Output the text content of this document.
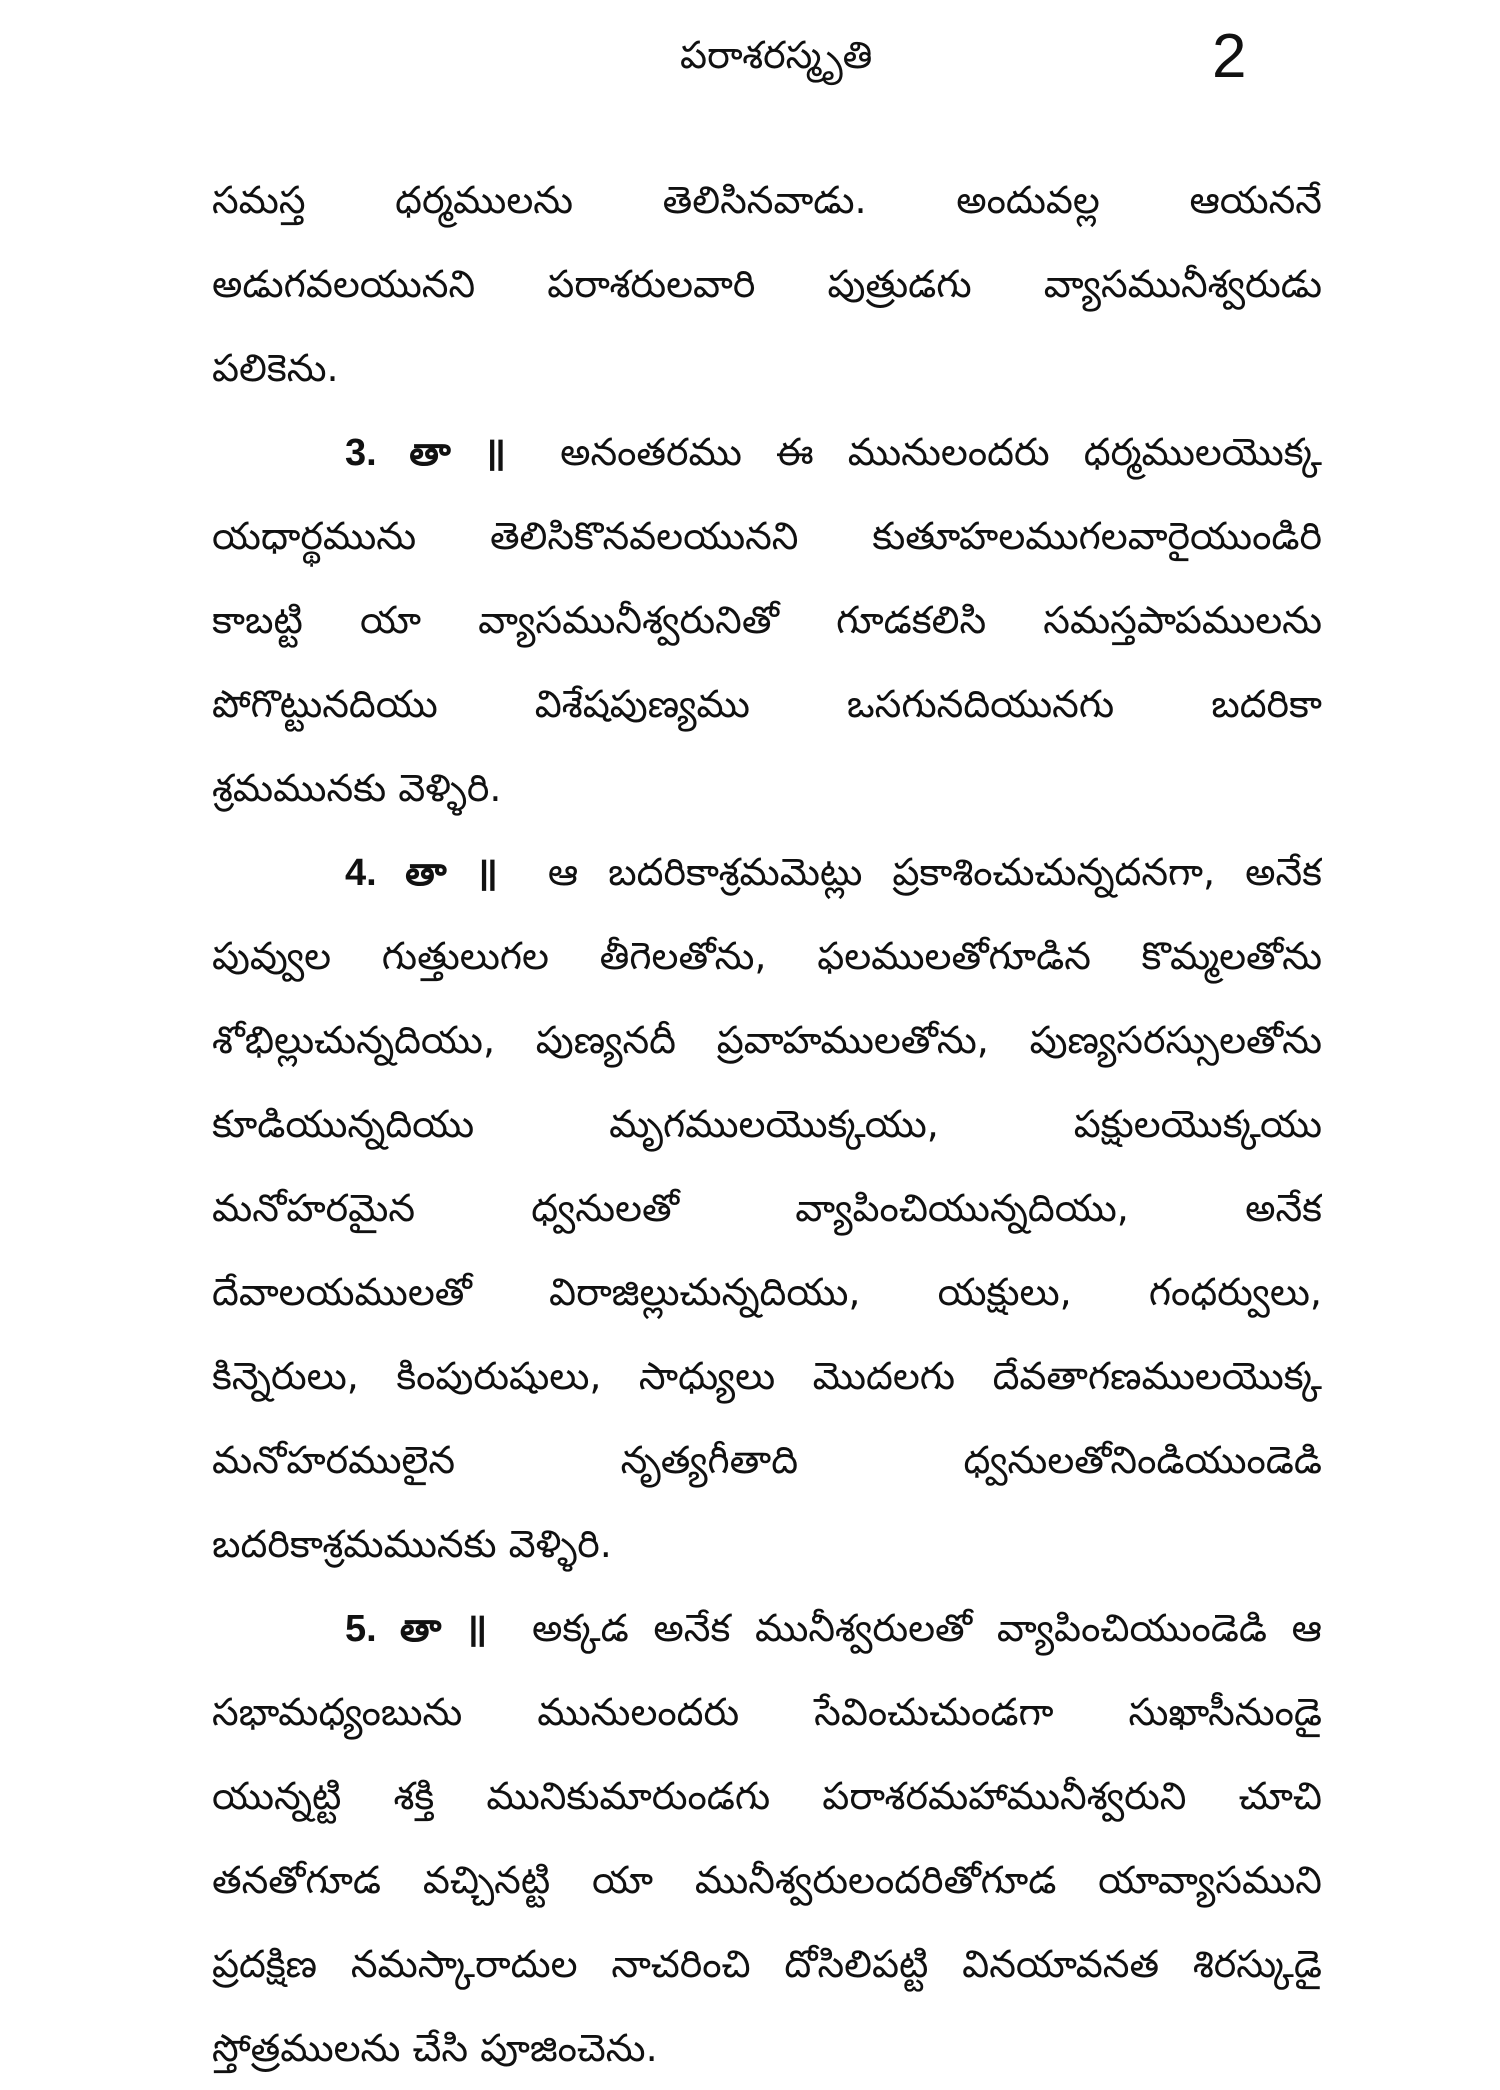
పరాశరస్మృతి	2
సమస్త ధర్మములను తెలిసినవాడు. అందువల్ల ఆయననే
అడుగవలయునని పరాశరులవారి పుత్రుడగు వ్యాసమునీశ్వరుడు
పలికెను.
3. తా ॥ అనంతరము ఈ మునులందరు ధర్మములయొక్క
యధార్థమును తెలిసికొనవలయునని కుతూహలముగలవారైయుండిరి
కాబట్టి యా వ్యాసమునీశ్వరునితో గూడకలిసి సమస్తపాపములను
పోగొట్టునదియు విశేషపుణ్యము ఒసగునదియునగు బదరికా
శ్రమమునకు వెళ్ళిరి.
4. తా ॥ ఆ బదరికాశ్రమమెట్లు ప్రకాశించుచున్నదనగా, అనేక
పువ్వుల గుత్తులుగల తీగెలతోను, ఫలములతోగూడిన కొమ్మలతోను
శోభిల్లుచున్నదియు, పుణ్యనదీ ప్రవాహములతోను, పుణ్యసరస్సులతోను
కూడియున్నదియు మృగములయొక్కయు, పక్షులయొక్కయు
మనోహరమైన ధ్వనులతో వ్యాపించియున్నదియు, అనేక
దేవాలయములతో విరాజిల్లుచున్నదియు, యక్షులు, గంధర్వులు,
కిన్నెరులు, కింపురుషులు, సాధ్యులు మొదలగు దేవతాగణములయొక్క
మనోహరములైన నృత్యగీతాది ధ్వనులతోనిండియుండెడి
బదరికాశ్రమమునకు వెళ్ళిరి.
5. తా ॥ అక్కడ అనేక మునీశ్వరులతో వ్యాపించియుండెడి ఆ
సభామధ్యంబును మునులందరు సేవించుచుండగా సుఖాసీనుండై
యున్నట్టి శక్తి మునికుమారుండగు పరాశరమహామునీశ్వరుని చూచి
తనతోగూడ వచ్చినట్టి యా మునీశ్వరులందరితోగూడ యావ్యాసముని
ప్రదక్షిణ నమస్కారాదుల నాచరించి దోసిలిపట్టి వినయావనత శిరస్కుడై
స్తోత్రములను చేసి పూజించెను.
